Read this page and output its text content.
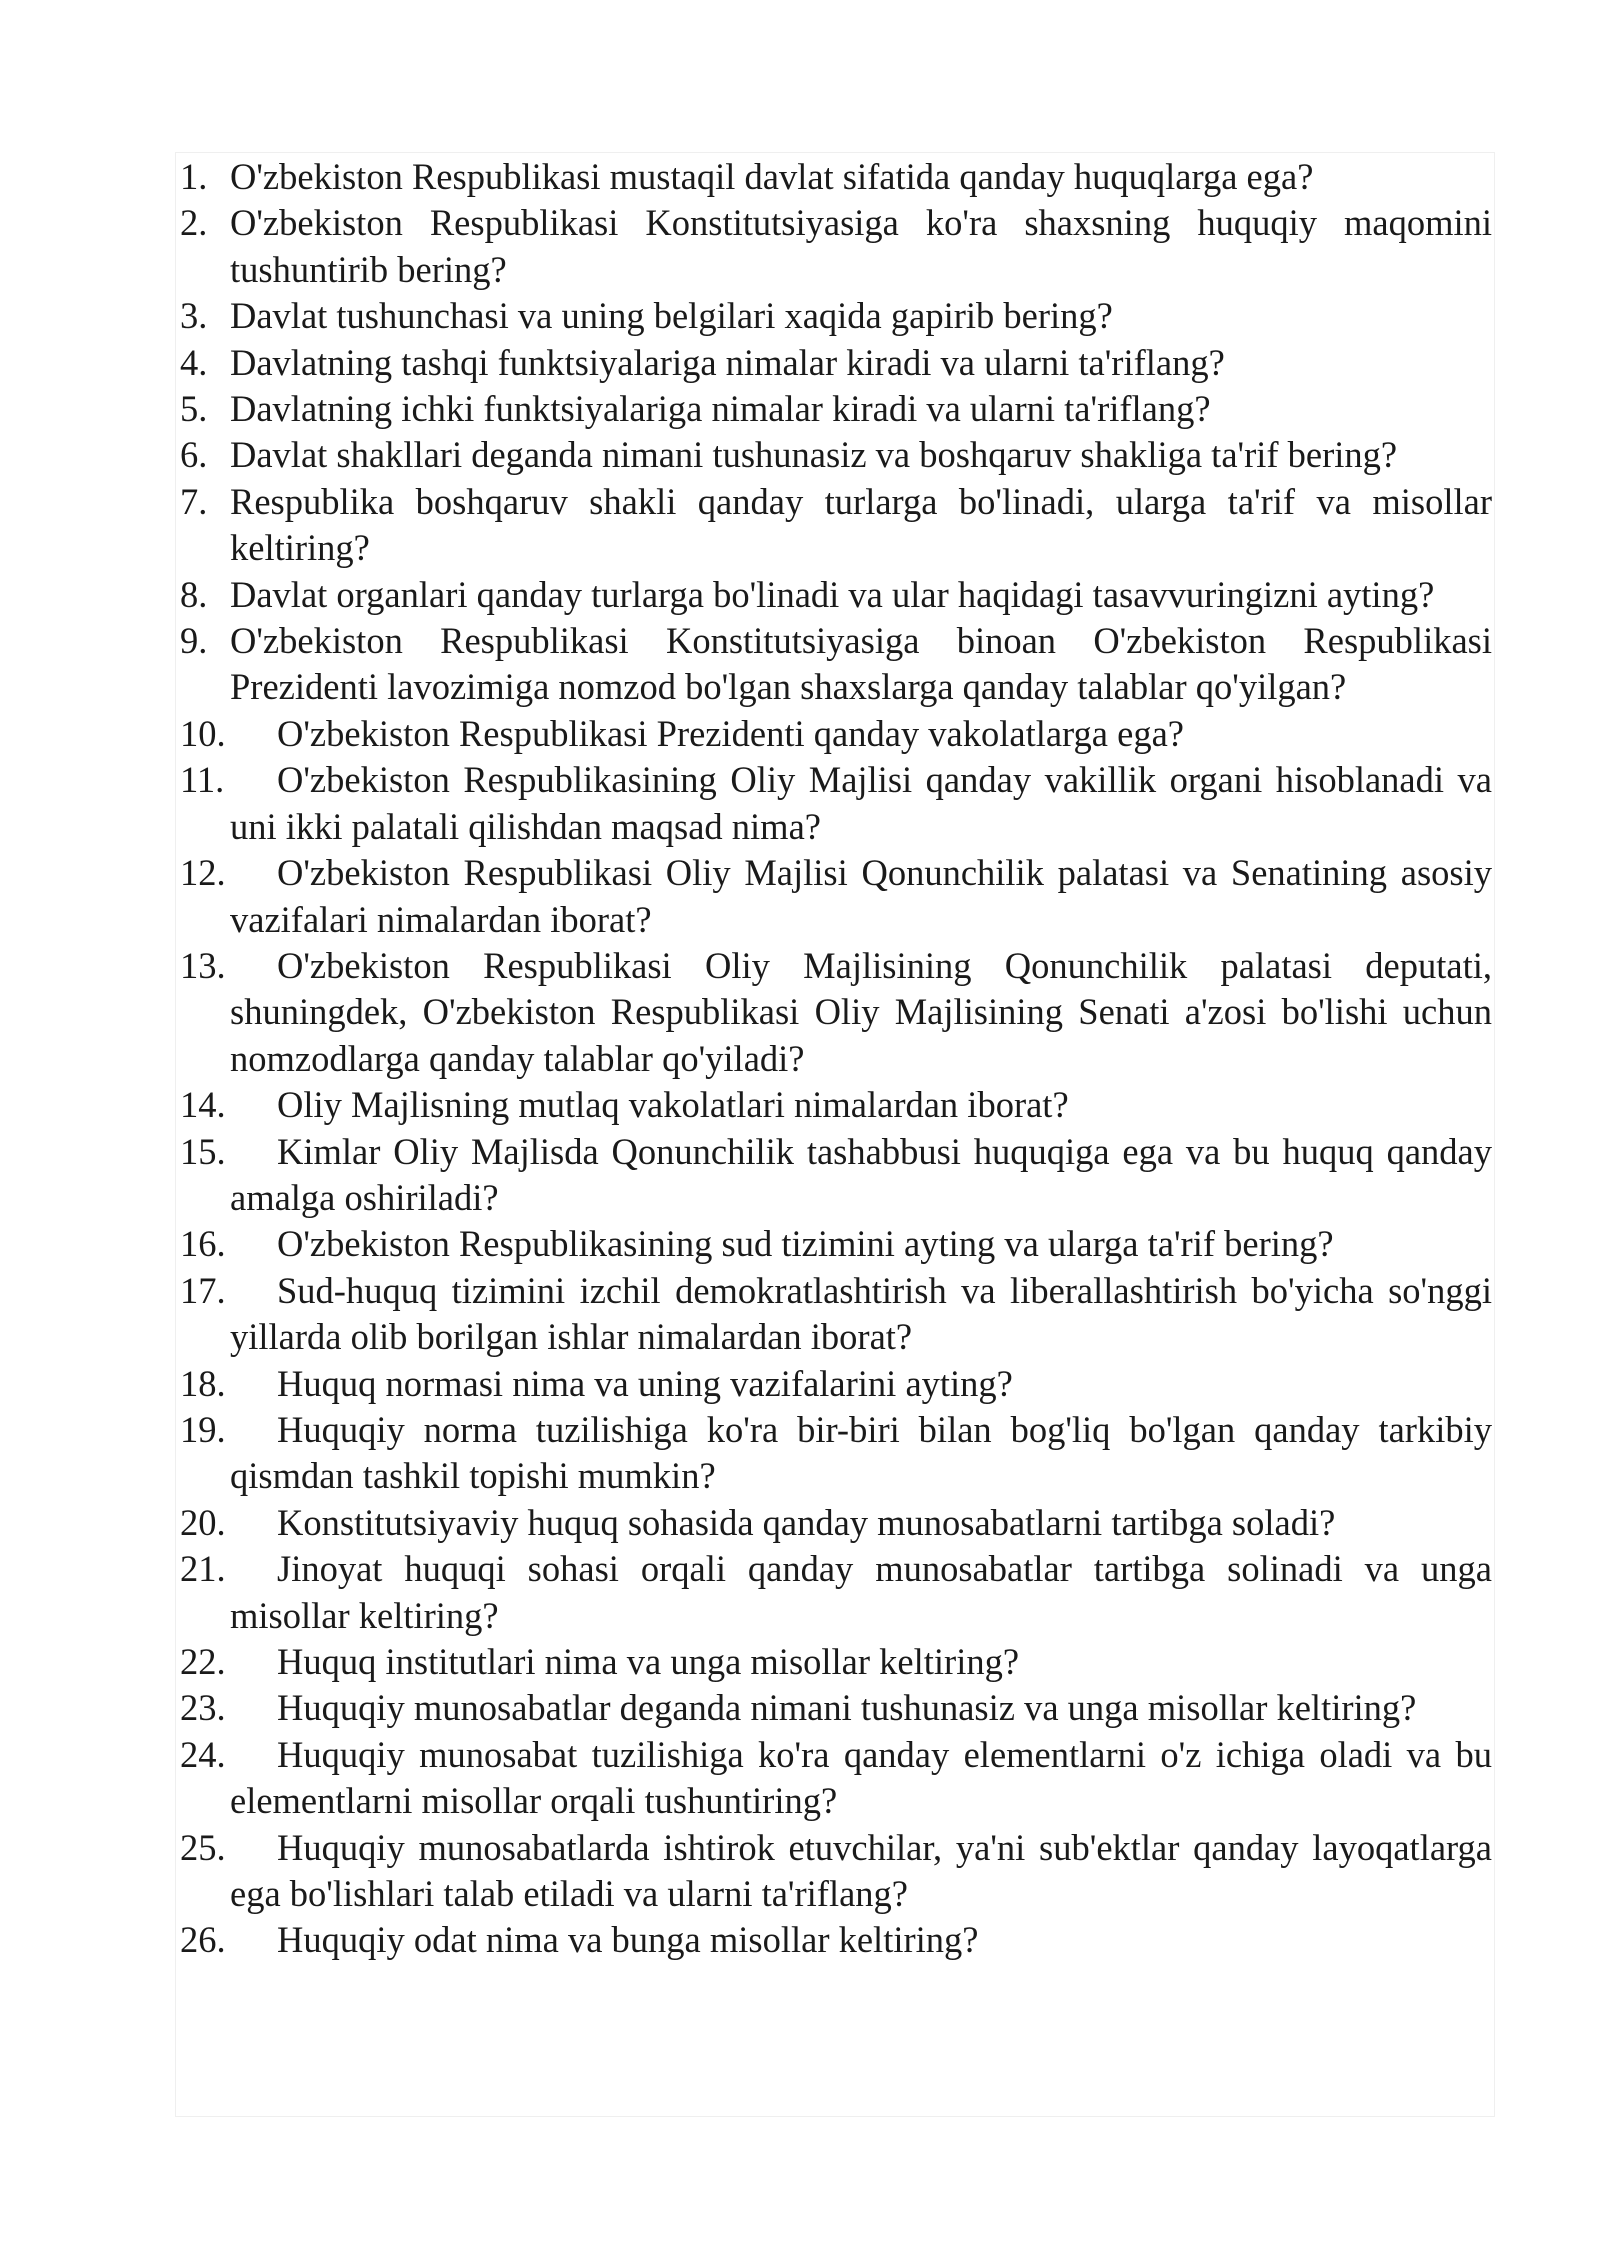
1. O'zbekiston Respublikasi mustaqil davlat sifatida qanday huquqlarga ega?
2. O'zbekiston Respublikasi Konstitutsiyasiga ko'ra shaxsning huquqiy maqomini tushuntirib bering?
3. Davlat tushunchasi va uning belgilari xaqida gapirib bering?
4. Davlatning tashqi funktsiyalariga nimalar kiradi va ularni ta'riflang?
5. Davlatning ichki funktsiyalariga nimalar kiradi va ularni ta'riflang?
6. Davlat shakllari deganda nimani tushunasiz va boshqaruv shakliga ta'rif bering?
7. Respublika boshqaruv shakli qanday turlarga bo'linadi, ularga ta'rif va misollar keltiring?
8. Davlat organlari qanday turlarga bo'linadi va ular haqidagi tasavvuringizni ayting?
9. O'zbekiston Respublikasi Konstitutsiyasiga binoan O'zbekiston Respublikasi Prezidenti lavozimiga nomzod bo'lgan shaxslarga qanday talablar qo'yilgan?
10. O'zbekiston Respublikasi Prezidenti qanday vakolatlarga ega?
11. O'zbekiston Respublikasining Oliy Majlisi qanday vakillik organi hisoblanadi va uni ikki palatali qilishdan maqsad nima?
12. O'zbekiston Respublikasi Oliy Majlisi Qonunchilik palatasi va Senatining asosiy vazifalari nimalardan iborat?
13. O'zbekiston Respublikasi Oliy Majlisining Qonunchilik palatasi deputati, shuningdek, O'zbekiston Respublikasi Oliy Majlisining Senati a'zosi bo'lishi uchun nomzodlarga qanday talablar qo'yiladi?
14. Oliy Majlisning mutlaq vakolatlari nimalardan iborat?
15. Kimlar Oliy Majlisda Qonunchilik tashabbusi huquqiga ega va bu huquq qanday amalga oshiriladi?
16. O'zbekiston Respublikasining sud tizimini ayting va ularga ta'rif bering?
17. Sud-huquq tizimini izchil demokratlashtirish va liberallashtirish bo'yicha so'nggi yillarda olib borilgan ishlar nimalardan iborat?
18. Huquq normasi nima va uning vazifalarini ayting?
19. Huquqiy norma tuzilishiga ko'ra bir-biri bilan bog'liq bo'lgan qanday tarkibiy qismdan tashkil topishi mumkin?
20. Konstitutsiyaviy huquq sohasida qanday munosabatlarni tartibga soladi?
21. Jinoyat huquqi sohasi orqali qanday munosabatlar tartibga solinadi va unga misollar keltiring?
22. Huquq institutlari nima va unga misollar keltiring?
23. Huquqiy munosabatlar deganda nimani tushunasiz va unga misollar keltiring?
24. Huquqiy munosabat tuzilishiga ko'ra qanday elementlarni o'z ichiga oladi va bu elementlarni misollar orqali tushuntiring?
25. Huquqiy munosabatlarda ishtirok etuvchilar, ya'ni sub'ektlar qanday layoqatlarga ega bo'lishlari talab etiladi va ularni ta'riflang?
26. Huquqiy odat nima va bunga misollar keltiring?
